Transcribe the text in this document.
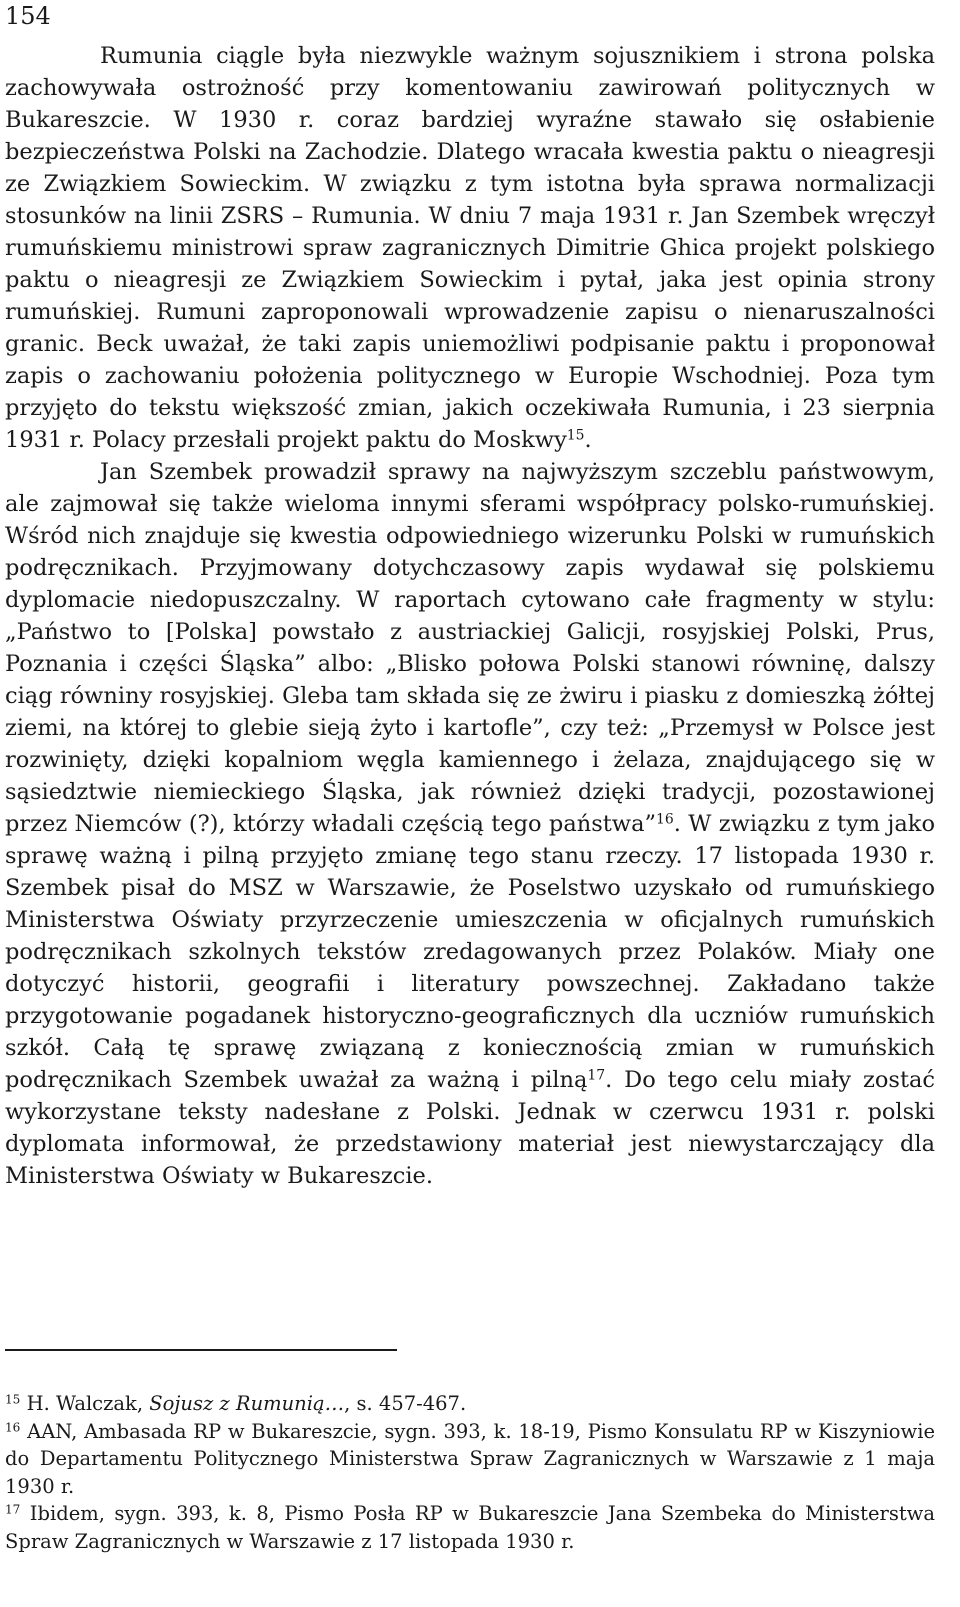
154

Rumunia ciągle była niezwykle ważnym sojusznikiem i strona polska zachowywała ostrożność przy komentowaniu zawirowań politycznych w Bukareszcie. W 1930 r. coraz bardziej wyraźne stawało się osłabienie bezpieczeństwa Polski na Zachodzie. Dlatego wracała kwestia paktu o nieagresji ze Związkiem Sowieckim. W związku z tym istotna była sprawa normalizacji stosunków na linii ZSRS – Rumunia. W dniu 7 maja 1931 r. Jan Szembek wręczył rumuńskiemu ministrowi spraw zagranicznych Dimitrie Ghica projekt polskiego paktu o nieagresji ze Związkiem Sowieckim i pytał, jaka jest opinia strony rumuńskiej. Rumuni zaproponowali wprowadzenie zapisu o nienaruszalności granic. Beck uważał, że taki zapis uniemożliwi podpisanie paktu i proponował zapis o zachowaniu położenia politycznego w Europie Wschodniej. Poza tym przyjęto do tekstu większość zmian, jakich oczekiwała Rumunia, i 23 sierpnia 1931 r. Polacy przesłali projekt paktu do Moskwy$^{15}$.

Jan Szembek prowadził sprawy na najwyższym szczeblu państwowym, ale zajmował się także wieloma innymi sferami współpracy polsko-rumuńskiej. Wśród nich znajduje się kwestia odpowiedniego wizerunku Polski w rumuńskich podręcznikach. Przyjmowany dotychczasowy zapis wydawał się polskiemu dyplomacie niedopuszczalny. W raportach cytowano całe fragmenty w stylu: „Państwo to [Polska] powstało z austriackiej Galicji, rosyjskiej Polski, Prus, Poznania i części Śląska” albo: „Blisko połowa Polski stanowi równinę, dalszy ciąg równiny rosyjskiej. Gleba tam składa się ze żwiru i piasku z domieszką żółtej ziemi, na której to glebie sieją żyto i kartofle”, czy też: „Przemysł w Polsce jest rozwinięty, dzięki kopalniom węgla kamiennego i żelaza, znajdującego się w sąsiedztwie niemieckiego Śląska, jak również dzięki tradycji, pozostawionej przez Niemców (?), którzy władali częścią tego państwa”$^{16}$. W związku z tym jako sprawę ważną i pilną przyjęto zmianę tego stanu rzeczy. 17 listopada 1930 r. Szembek pisał do MSZ w Warszawie, że Poselstwo uzyskało od rumuńskiego Ministerstwa Oświaty przyrzeczenie umieszczenia w oficjalnych rumuńskich podręcznikach szkolnych tekstów zredagowanych przez Polaków. Miały one dotyczyć historii, geografii i literatury powszechnej. Zakładano także przygotowanie pogadanek historyczno-geograficznych dla uczniów rumuńskich szkół. Całą tę sprawę związaną z koniecznością zmian w rumuńskich podręcznikach Szembek uważał za ważną i pilną$^{17}$. Do tego celu miały zostać wykorzystane teksty nadesłane z Polski. Jednak w czerwcu 1931 r. polski dyplomata informował, że przedstawiony materiał jest niewystarczający dla Ministerstwa Oświaty w Bukareszcie.

$^{15}$ H. Walczak, Sojusz z Rumunią…, s. 457-467.

$^{16}$ AAN, Ambasada RP w Bukareszcie, sygn. 393, k. 18-19, Pismo Konsulatu RP w Kiszyniowie do Departamentu Politycznego Ministerstwa Spraw Zagranicznych w Warszawie z 1 maja 1930 r.

$^{17}$ Ibidem, sygn. 393, k. 8, Pismo Posła RP w Bukareszcie Jana Szembeka do Ministerstwa Spraw Zagranicznych w Warszawie z 17 listopada 1930 r.
